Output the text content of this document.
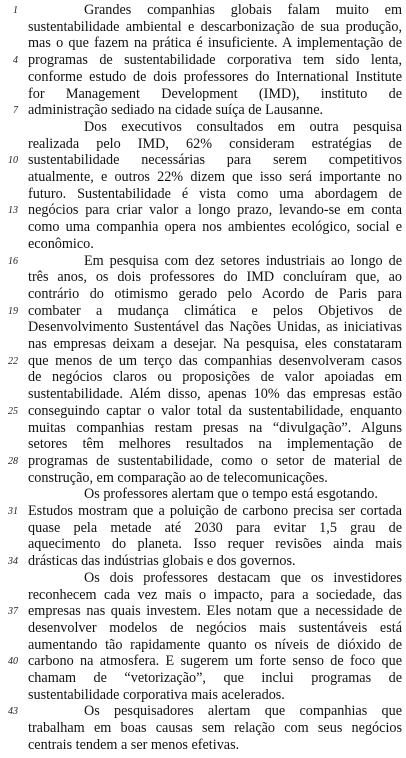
1	Grandes companhias globais falam muito em
sustentabilidade ambiental e descarbonização de sua produção,
mas o que fazem na prática é insuficiente. A implementação de
4 programas de sustentabilidade corporativa tem sido lenta,
conforme estudo de dois professores do International Institute
for Management Development (IMD), instituto de
7 administração sediado na cidade suíça de Lausanne.
Dos executivos consultados em outra pesquisa
realizada pelo IMD, 62% consideram estratégias de
10 sustentabilidade necessárias para serem competitivos
atualmente, e outros 22% dizem que isso será importante no
futuro. Sustentabilidade é vista como uma abordagem de
13 negócios para criar valor a longo prazo, levando-se em conta
como uma companhia opera nos ambientes ecológico, social e
econômico.
16	Em pesquisa com dez setores industriais ao longo de
três anos, os dois professores do IMD concluíram que, ao
contrário do otimismo gerado pelo Acordo de Paris para
19 combater a mudança climática e pelos Objetivos de
Desenvolvimento Sustentável das Nações Unidas, as iniciativas
nas empresas deixam a desejar. Na pesquisa, eles constataram
22 que menos de um terço das companhias desenvolveram casos
de negócios claros ou proposições de valor apoiadas em
sustentabilidade. Além disso, apenas 10% das empresas estão
25 conseguindo captar o valor total da sustentabilidade, enquanto
muitas companhias restam presas na “divulgação”. Alguns
setores têm melhores resultados na implementação de
28 programas de sustentabilidade, como o setor de material de
construção, em comparação ao de telecomunicações.
Os professores alertam que o tempo está esgotando.
31 Estudos mostram que a poluição de carbono precisa ser cortada
quase pela metade até 2030 para evitar 1,5 grau de
aquecimento do planeta. Isso requer revisões ainda mais
34 drásticas das indústrias globais e dos governos.
Os dois professores destacam que os investidores
reconhecem cada vez mais o impacto, para a sociedade, das
37 empresas nas quais investem. Eles notam que a necessidade de
desenvolver modelos de negócios mais sustentáveis está
aumentando tão rapidamente quanto os níveis de dióxido de
40 carbono na atmosfera. E sugerem um forte senso de foco que
chamam de “vetorização”, que inclui programas de
sustentabilidade corporativa mais acelerados.
43	Os pesquisadores alertam que companhias que
trabalham em boas causas sem relação com seus negócios
centrais tendem a ser menos efetivas.
